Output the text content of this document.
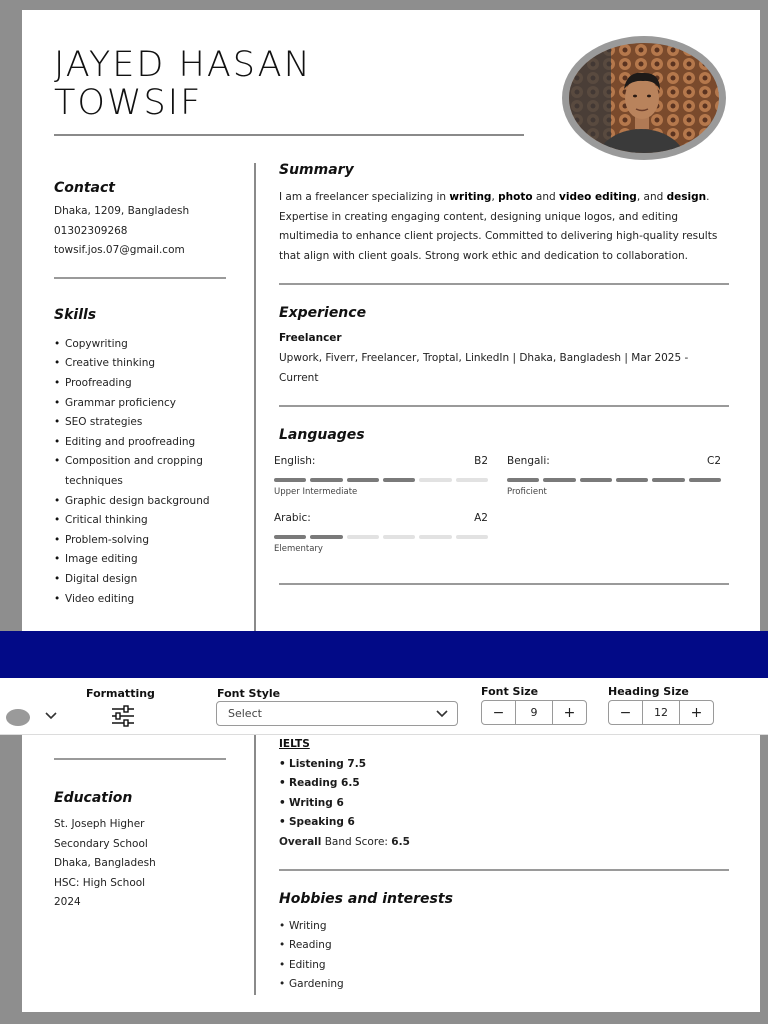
JAYED HASAN
TOWSIF
Contact
Dhaka, 1209, Bangladesh
01302309268
towsif.jos.07@gmail.com
Skills
• Copywriting
• Creative thinking
• Proofreading
• Grammar proficiency
• SEO strategies
• Editing and proofreading
• Composition and cropping techniques
• Graphic design background
• Critical thinking
• Problem-solving
• Image editing
• Digital design
• Video editing
Education
St. Joseph Higher
Secondary School
Dhaka, Bangladesh
HSC: High School
2024
Summary
I am a freelancer specializing in writing, photo and video editing, and design. Expertise in creating engaging content, designing unique logos, and editing multimedia to enhance client projects. Committed to delivering high-quality results that align with client goals. Strong work ethic and dedication to collaboration.
Experience
Freelancer
Upwork, Fiverr, Freelancer, Troptal, LinkedIn | Dhaka, Bangladesh | Mar 2025 - Current
Languages
English:	B2
Upper Intermediate
Bengali:	C2
Proficient
Arabic:	A2
Elementary
IELTS
• Listening 7.5
• Reading 6.5
• Writing 6
• Speaking 6
Overall Band Score: 6.5
Hobbies and interests
• Writing
• Reading
• Editing
• Gardening
Formatting	Font Style
Select
Font Size
−	9	+
Heading Size
−	12	+
